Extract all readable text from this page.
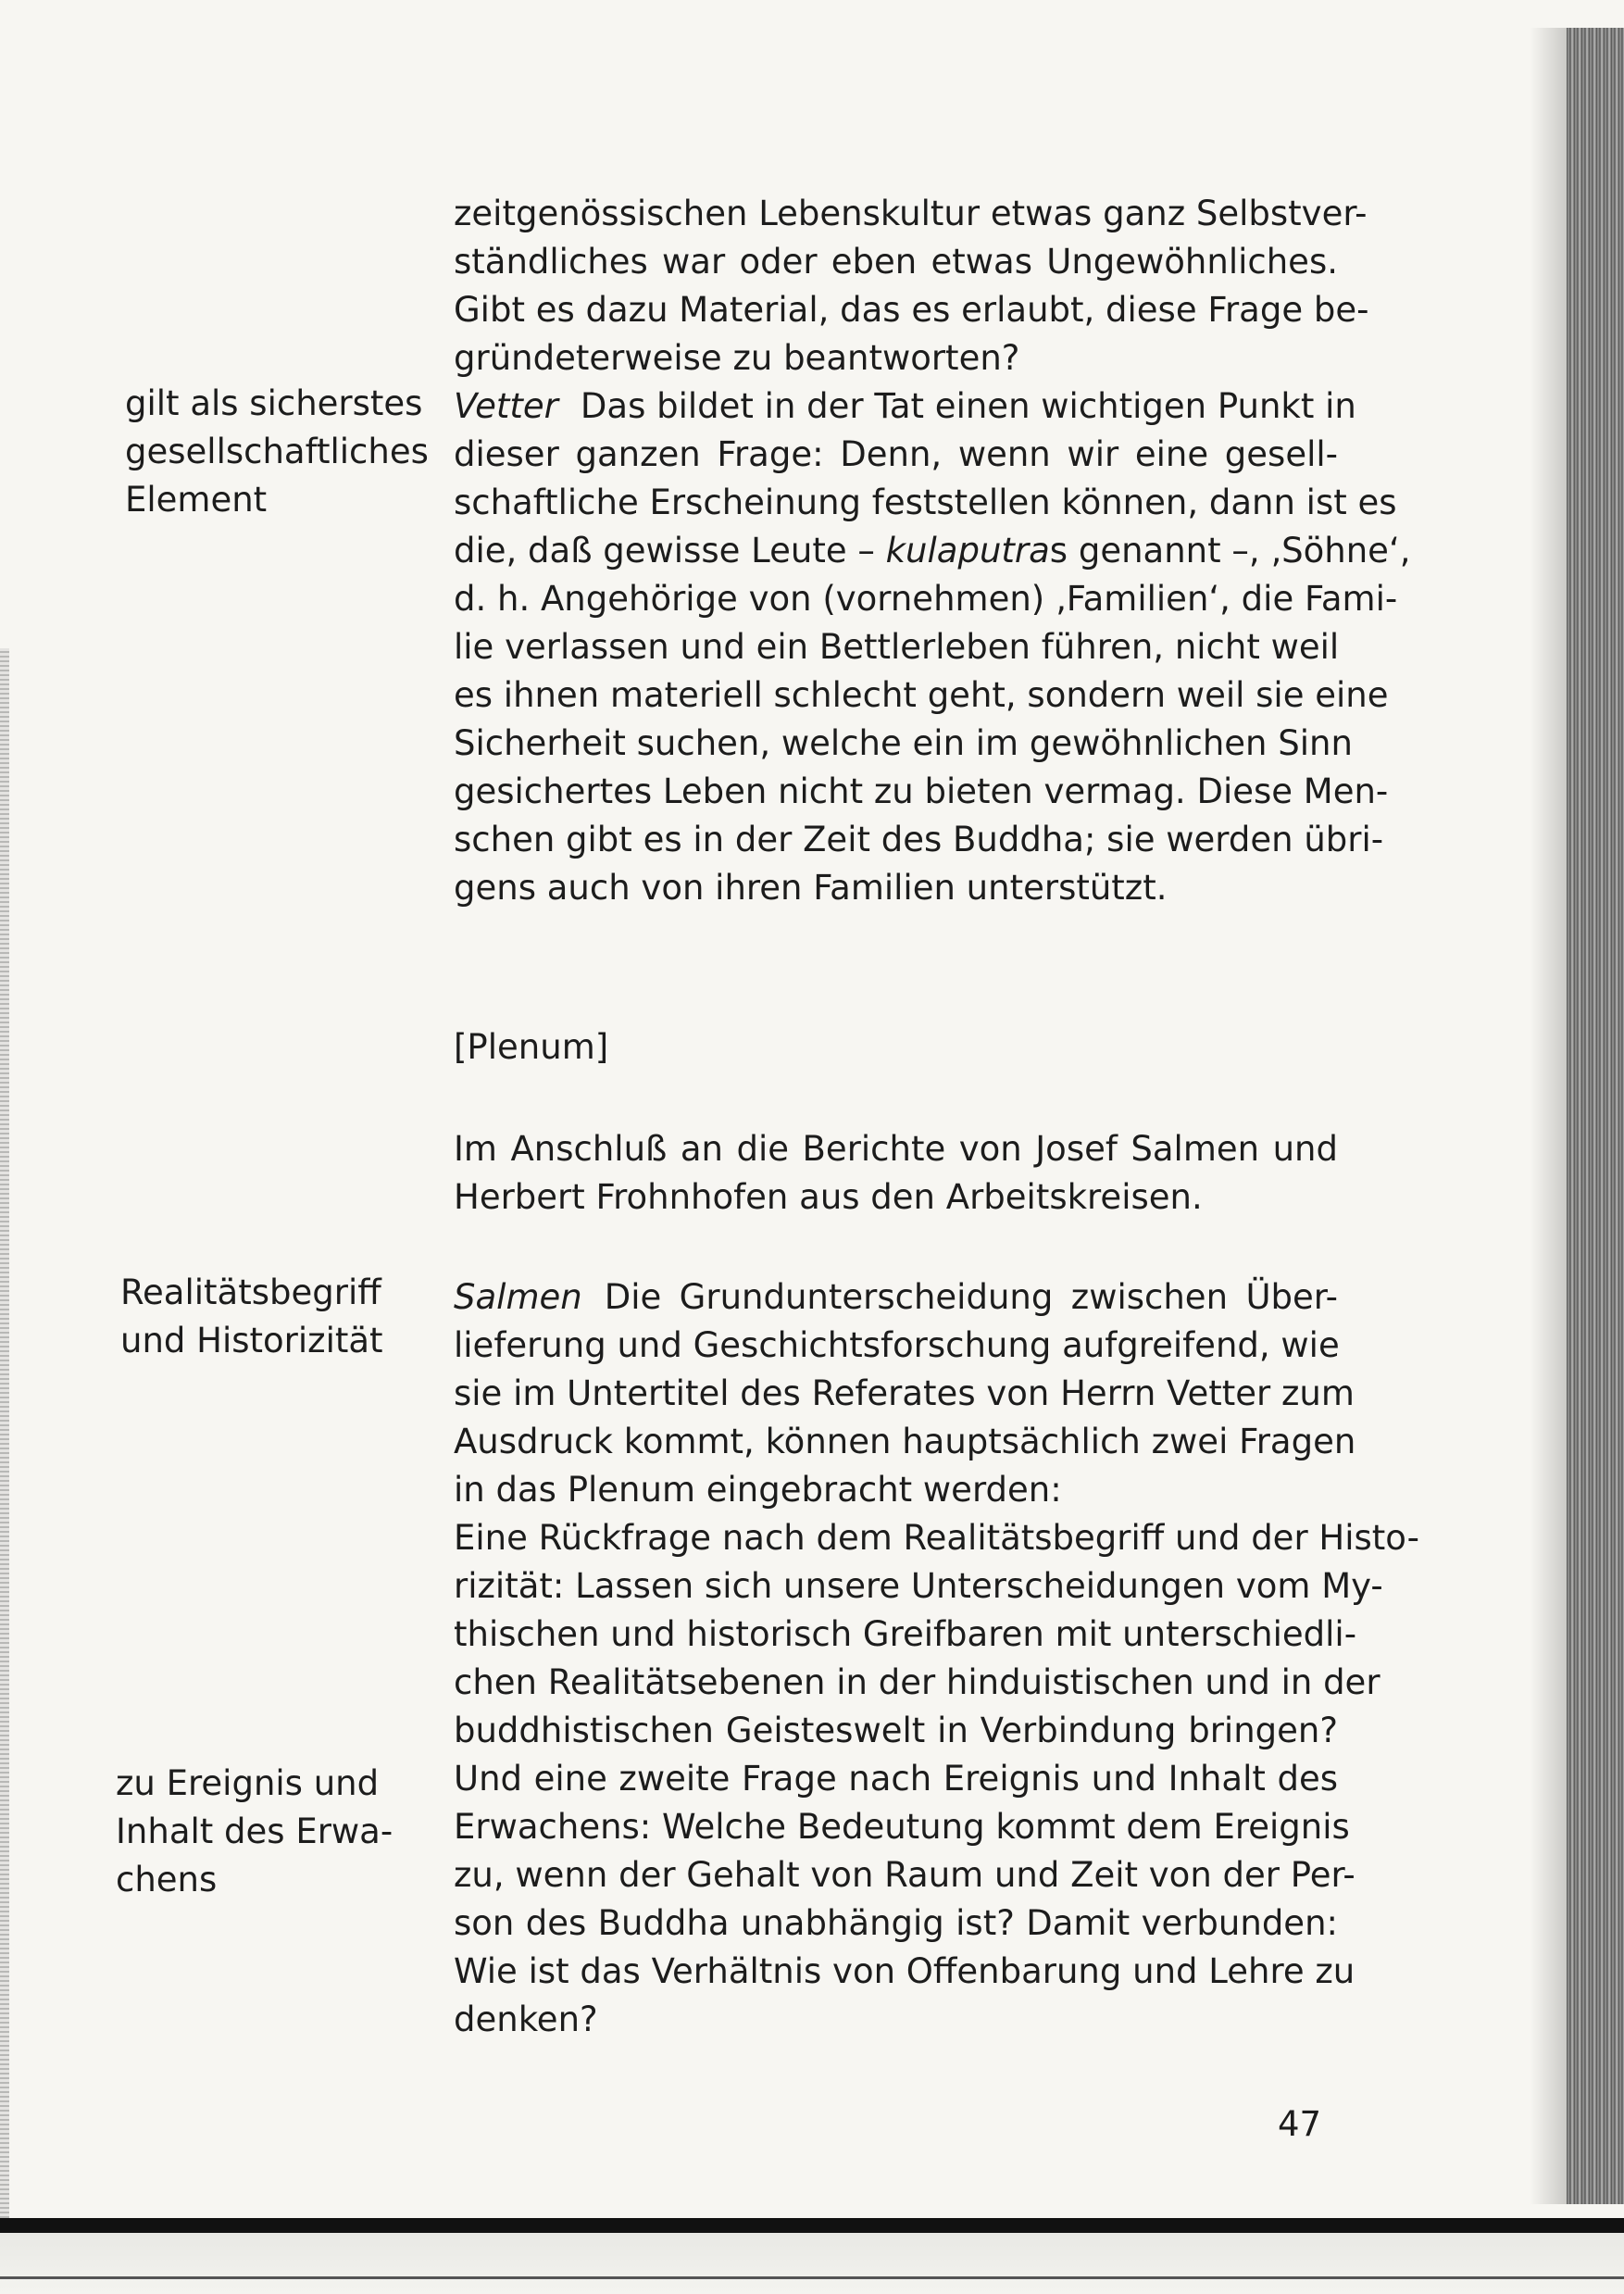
gilt als sicherstes
gesellschaftliches
Element
Realitätsbegriff
und Historizität
zu Ereignis und
Inhalt des Erwa-
chens
zeitgenössischen Lebenskultur etwas ganz Selbstver-
ständliches war oder eben etwas Ungewöhnliches.
Gibt es dazu Material, das es erlaubt, diese Frage be-
gründeterweise zu beantworten?
Vetter Das bildet in der Tat einen wichtigen Punkt in
dieser ganzen Frage: Denn, wenn wir eine gesell-
schaftliche Erscheinung feststellen können, dann ist es
die, daß gewisse Leute – kulaputras genannt –, ‚Söhne‘,
d. h. Angehörige von (vornehmen) ‚Familien‘, die Fami-
lie verlassen und ein Bettlerleben führen, nicht weil
es ihnen materiell schlecht geht, sondern weil sie eine
Sicherheit suchen, welche ein im gewöhnlichen Sinn
gesichertes Leben nicht zu bieten vermag. Diese Men-
schen gibt es in der Zeit des Buddha; sie werden übri-
gens auch von ihren Familien unterstützt.
[Plenum]
Im Anschluß an die Berichte von Josef Salmen und
Herbert Frohnhofen aus den Arbeitskreisen.
Salmen Die Grundunterscheidung zwischen Über-
lieferung und Geschichtsforschung aufgreifend, wie
sie im Untertitel des Referates von Herrn Vetter zum
Ausdruck kommt, können hauptsächlich zwei Fragen
in das Plenum eingebracht werden:
Eine Rückfrage nach dem Realitätsbegriff und der Histo-
rizität: Lassen sich unsere Unterscheidungen vom My-
thischen und historisch Greifbaren mit unterschiedli-
chen Realitätsebenen in der hinduistischen und in der
buddhistischen Geisteswelt in Verbindung bringen?
Und eine zweite Frage nach Ereignis und Inhalt des
Erwachens: Welche Bedeutung kommt dem Ereignis
zu, wenn der Gehalt von Raum und Zeit von der Per-
son des Buddha unabhängig ist? Damit verbunden:
Wie ist das Verhältnis von Offenbarung und Lehre zu
denken?
47
